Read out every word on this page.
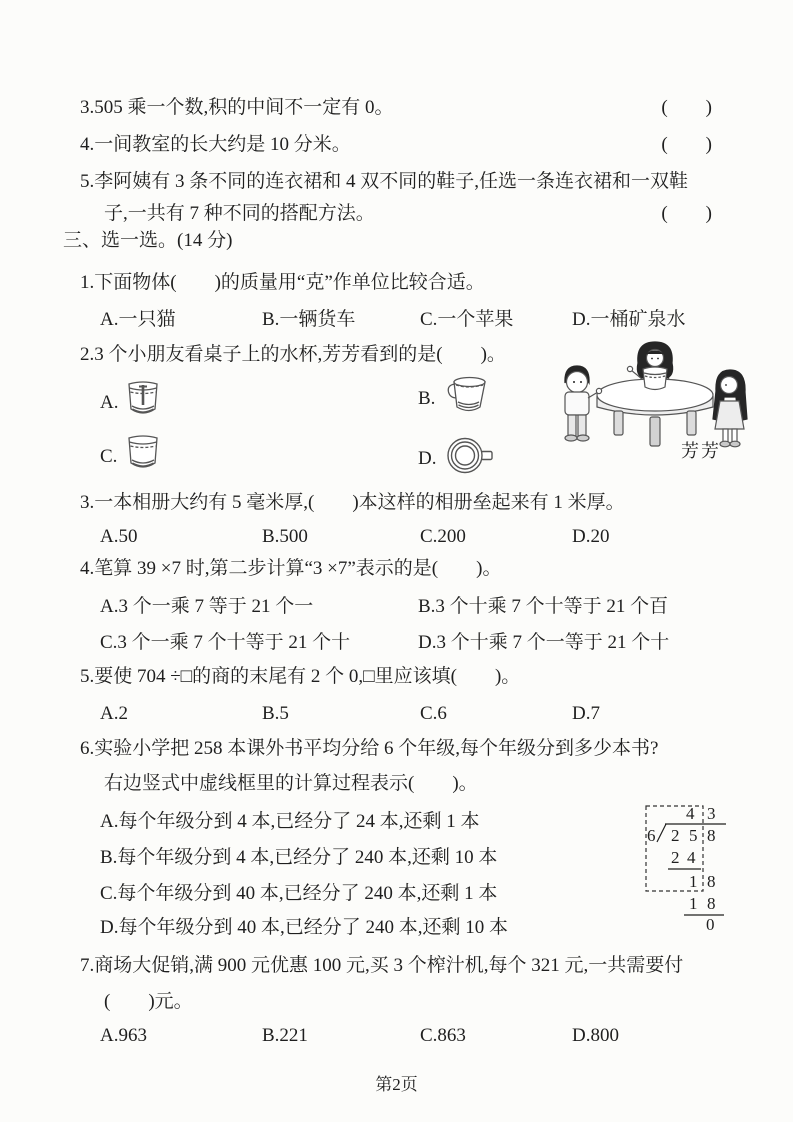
3.505 乘一个数,积的中间不一定有 0。	(　　)
4.一间教室的长大约是 10 分米。	(　　)
5.李阿姨有 3 条不同的连衣裙和 4 双不同的鞋子,任选一条连衣裙和一双鞋
子,一共有 7 种不同的搭配方法。	(　　)
三、选一选。(14 分)
1.下面物体(　　)的质量用“克”作单位比较合适。
A.一只猫	B.一辆货车	C.一个苹果	D.一桶矿泉水
2.3 个小朋友看桌子上的水杯,芳芳看到的是(　　)。
A.	B.
C.	D.	芳芳
3.一本相册大约有 5 毫米厚,(　　)本这样的相册垒起来有 1 米厚。
A.50	B.500	C.200	D.20
4.笔算 39 ×7 时,第二步计算“3 ×7”表示的是(　　)。
A.3 个一乘 7 等于 21 个一	B.3 个十乘 7 个十等于 21 个百
C.3 个一乘 7 个十等于 21 个十	D.3 个十乘 7 个一等于 21 个十
5.要使 704 ÷□的商的末尾有 2 个 0,□里应该填(　　)。
A.2	B.5	C.6	D.7
6.实验小学把 258 本课外书平均分给 6 个年级,每个年级分到多少本书?
右边竖式中虚线框里的计算过程表示(　　)。
A.每个年级分到 4 本,已经分了 24 本,还剩 1 本
B.每个年级分到 4 本,已经分了 240 本,还剩 10 本
C.每个年级分到 40 本,已经分了 240 本,还剩 1 本
D.每个年级分到 40 本,已经分了 240 本,还剩 10 本
4 3
6 2 5 8
2 4
1 8
1 8
0
7.商场大促销,满 900 元优惠 100 元,买 3 个榨汁机,每个 321 元,一共需要付
(　　)元。
A.963	B.221	C.863	D.800
第2页
